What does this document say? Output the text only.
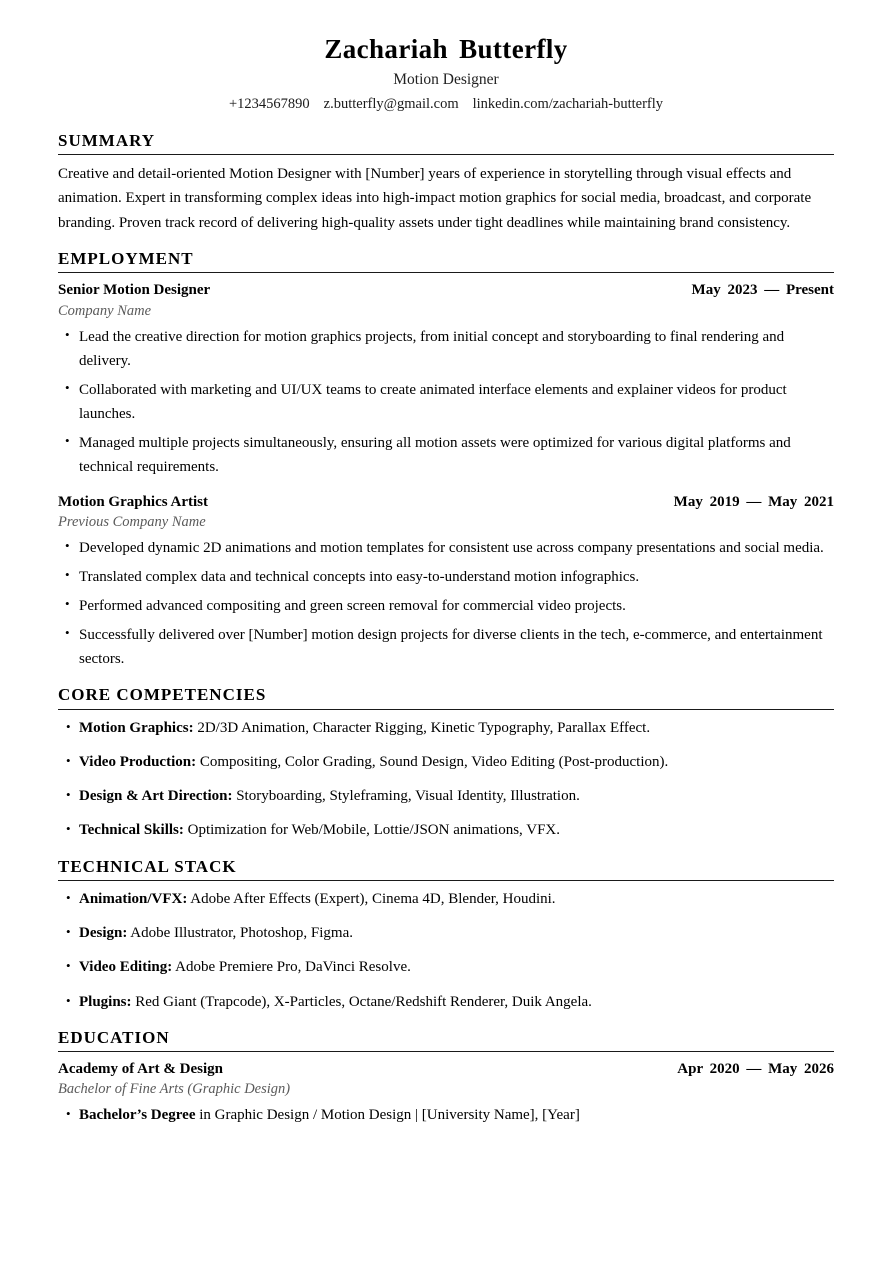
Zachariah Butterfly
Motion Designer
+1234567890 z.butterfly@gmail.com linkedin.com/zachariah-butterfly
SUMMARY

Creative and detail-oriented Motion Designer with [Number] years of experience in storytelling through visual effects and animation. Expert in transforming complex ideas into high-impact motion graphics for social media, broadcast, and corporate branding. Proven track record of delivering high-quality assets under tight deadlines while maintaining brand consistency.

EMPLOYMENT
Senior Motion Designer	May 2023 — Present
Company Name
• Lead the creative direction for motion graphics projects, from initial concept and storyboarding to final rendering and delivery.
• Collaborated with marketing and UI/UX teams to create animated interface elements and explainer videos for product launches.
• Managed multiple projects simultaneously, ensuring all motion assets were optimized for various digital platforms and technical requirements.
Motion Graphics Artist	May 2019 — May 2021
Previous Company Name
• Developed dynamic 2D animations and motion templates for consistent use across company presentations and social media.
• Translated complex data and technical concepts into easy-to-understand motion infographics.
• Performed advanced compositing and green screen removal for commercial video projects.
• Successfully delivered over [Number] motion design projects for diverse clients in the tech, e-commerce, and entertainment sectors.
CORE COMPETENCIES
• Motion Graphics: 2D/3D Animation, Character Rigging, Kinetic Typography, Parallax Effect.
• Video Production: Compositing, Color Grading, Sound Design, Video Editing (Post-production).
• Design & Art Direction: Storyboarding, Styleframing, Visual Identity, Illustration.
• Technical Skills: Optimization for Web/Mobile, Lottie/JSON animations, VFX.
TECHNICAL STACK
• Animation/VFX: Adobe After Effects (Expert), Cinema 4D, Blender, Houdini.
• Design: Adobe Illustrator, Photoshop, Figma.
• Video Editing: Adobe Premiere Pro, DaVinci Resolve.
• Plugins: Red Giant (Trapcode), X-Particles, Octane/Redshift Renderer, Duik Angela.
EDUCATION
Academy of Art & Design	Apr 2020 — May 2026
Bachelor of Fine Arts (Graphic Design)
• Bachelor’s Degree in Graphic Design / Motion Design | [University Name], [Year]
